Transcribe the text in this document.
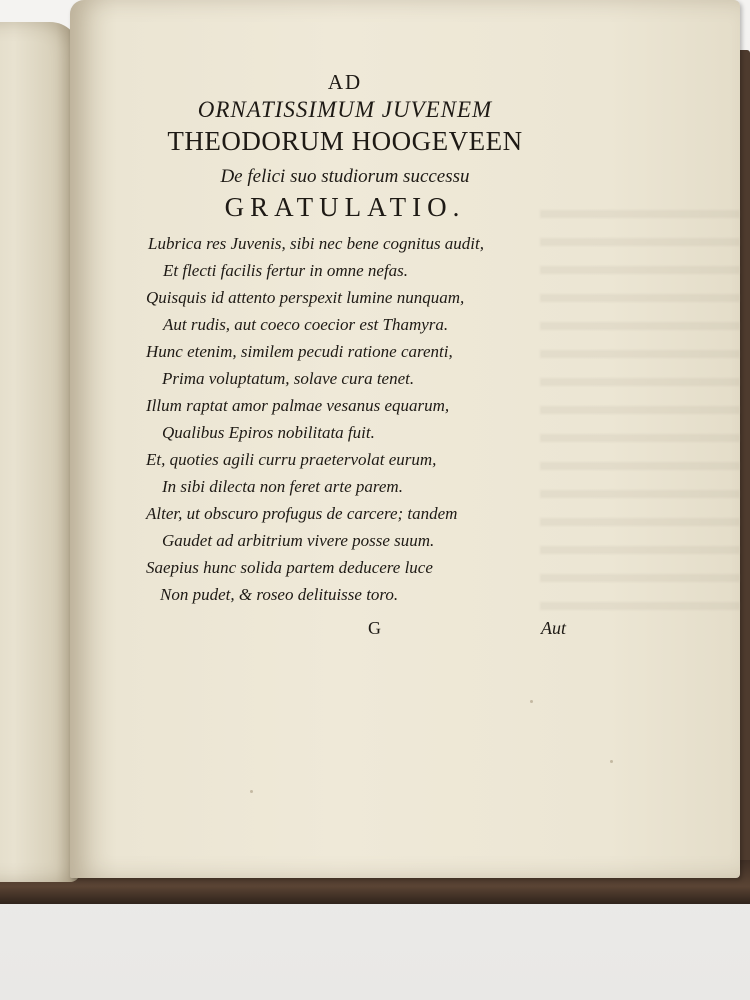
AD
ORNATISSIMUM JUVENEM
THEODORUM HOOGEVEEN
De felici suo studiorum successu
GRATULATIO.
Lubrica res Juvenis, sibi nec bene cognitus audit,
Et flecti facilis fertur in omne nefas.
Quisquis id attento perspexit lumine nunquam,
Aut rudis, aut coeco coecior est Thamyra.
Hunc etenim, similem pecudi ratione carenti,
Prima voluptatum, solave cura tenet.
Illum raptat amor palmae vesanus equarum,
Qualibus Epiros nobilitata fuit.
Et, quoties agili curru praetervolat eurum,
In sibi dilecta non feret arte parem.
Alter, ut obscuro profugus de carcere; tandem
Gaudet ad arbitrium vivere posse suum.
Saepius hunc solida partem deducere luce
Non pudet, & roseo delituisse toro.
G	Aut
